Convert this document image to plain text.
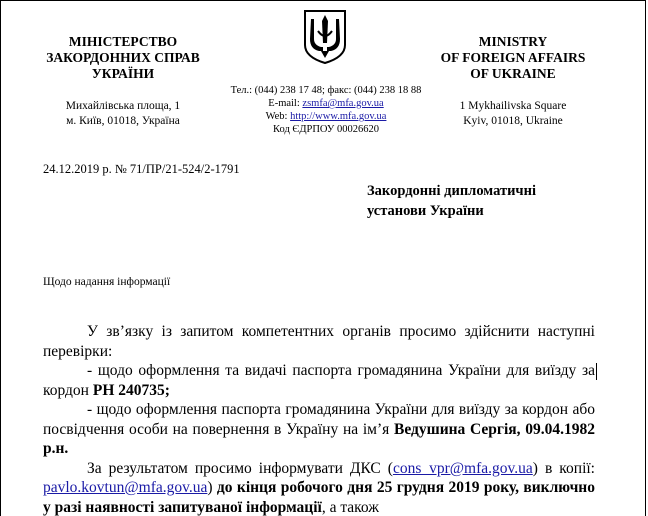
МІНІСТЕРСТВО
ЗАКОРДОННИХ СПРАВ
УКРАЇНИ
MINISTRY
OF FOREIGN AFFAIRS
OF UKRAINE
Михайлівська площа, 1
м. Київ, 01018, Україна
Тел.: (044) 238 17 48; факс: (044) 238 18 88
E-mail: zsmfa@mfa.gov.ua
Web: http://www.mfa.gov.ua
Код ЄДРПОУ 00026620
1 Mykhailivska Square
Kyiv, 01018, Ukraine
24.12.2019 р. № 71/ПР/21-524/2-1791
Закордонні дипломатичні
установи України
Щодо надання інформації

У зв’язку із запитом компетентних органів просимо здійснити наступні перевірки:

- щодо оформлення та видачі паспорта громадянина України для виїзду за кордон РН 240735;

- щодо оформлення паспорта громадянина України для виїзду за кордон або посвідчення особи на повернення в Україну на ім’я Ведушина Сергія, 09.04.1982 р.н.

За результатом просимо інформувати ДКС (cons_vpr@mfa.gov.ua) в копії: pavlo.kovtun@mfa.gov.ua) до кінця робочого дня 25 грудня 2019 року, виключно у разі наявності запитуваної інформації, а також
